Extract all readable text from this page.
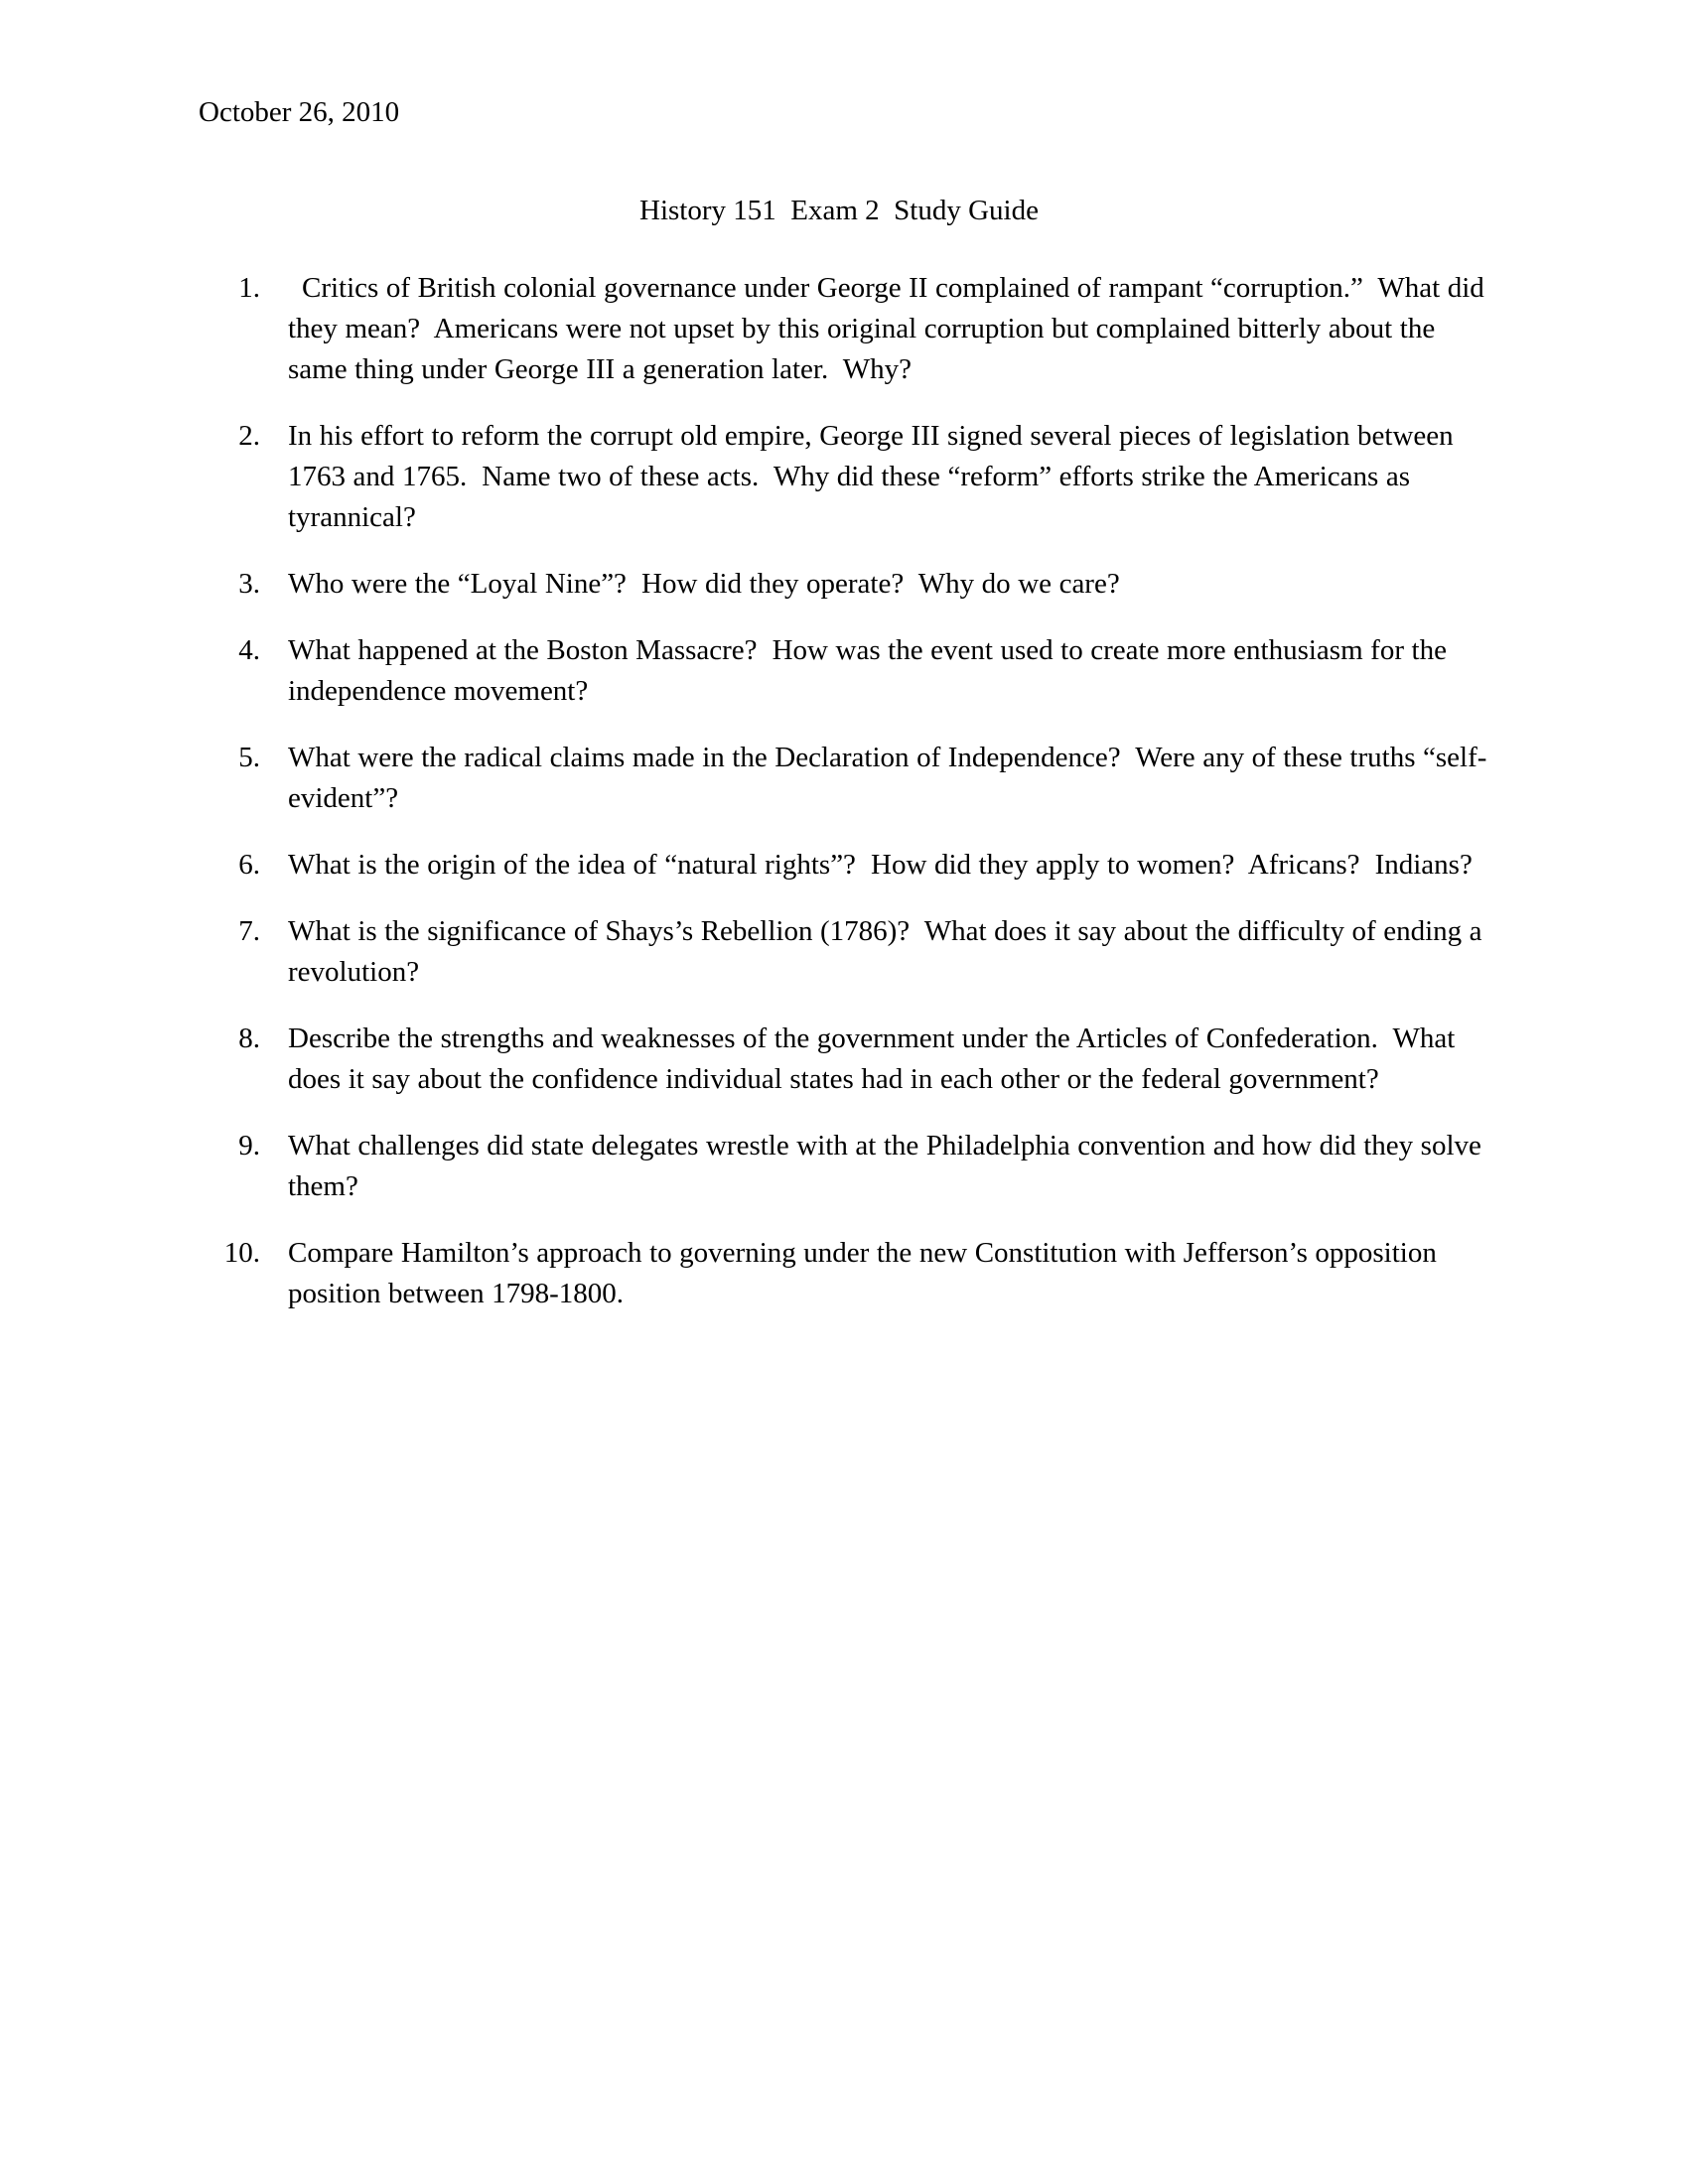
October 26, 2010
History 151  Exam 2  Study Guide
1.	Critics of British colonial governance under George II complained of rampant “corruption.”  What did they mean?  Americans were not upset by this original corruption but complained bitterly about the same thing under George III a generation later.  Why?
2. In his effort to reform the corrupt old empire, George III signed several pieces of legislation between 1763 and 1765.  Name two of these acts.  Why did these “reform” efforts strike the Americans as tyrannical?
3. Who were the “Loyal Nine”?  How did they operate?  Why do we care?
4. What happened at the Boston Massacre?  How was the event used to create more enthusiasm for the independence movement?
5. What were the radical claims made in the Declaration of Independence?  Were any of these truths “self-evident”?
6. What is the origin of the idea of “natural rights”?  How did they apply to women?  Africans?  Indians?
7. What is the significance of Shays’s Rebellion (1786)?  What does it say about the difficulty of ending a revolution?
8. Describe the strengths and weaknesses of the government under the Articles of Confederation.  What does it say about the confidence individual states had in each other or the federal government?
9. What challenges did state delegates wrestle with at the Philadelphia convention and how did they solve them?
10. Compare Hamilton’s approach to governing under the new Constitution with Jefferson’s opposition position between 1798-1800.
